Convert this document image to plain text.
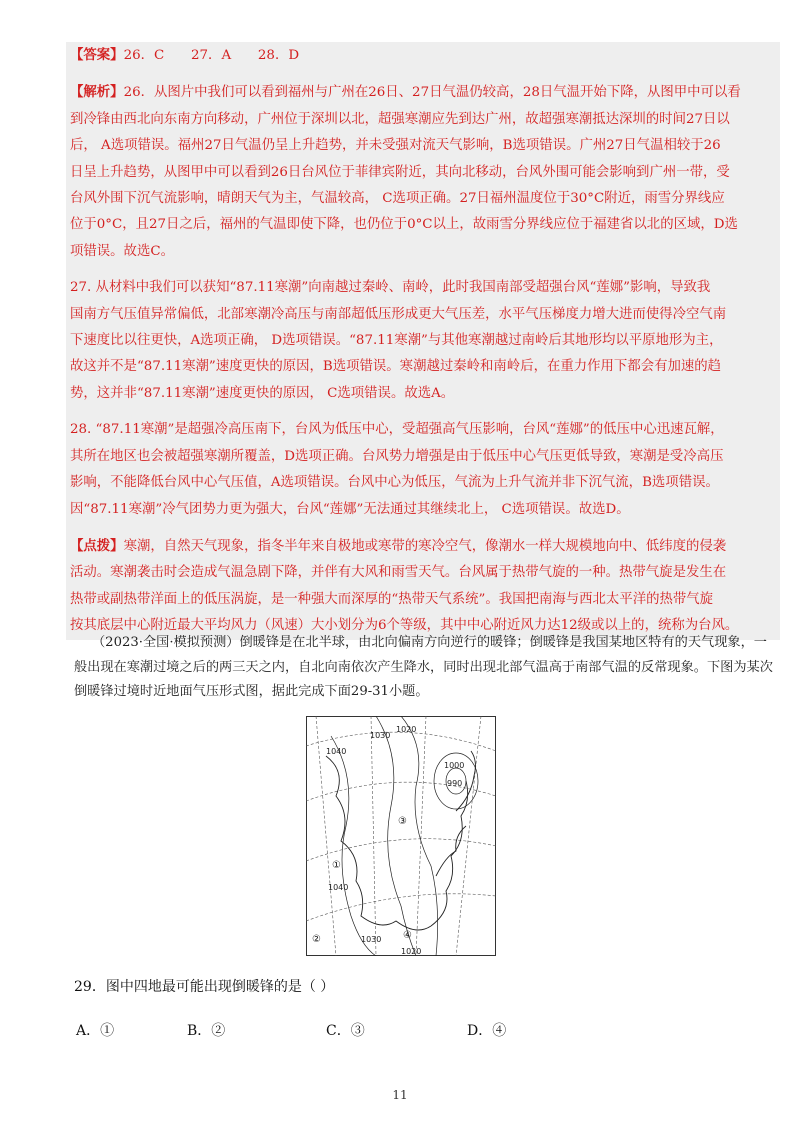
【答案】26．C　　27．A　　28．D

【解析】26．从图片中我们可以看到福州与广州在26日、27日气温仍较高，28日气温开始下降，从图甲中可以看
到冷锋由西北向东南方向移动，广州位于深圳以北，超强寒潮应先到达广州，故超强寒潮抵达深圳的时间27日以
后， A选项错误。福州27日气温仍呈上升趋势，并未受强对流天气影响，B选项错误。广州27日气温相较于26
日呈上升趋势，从图甲中可以看到26日台风位于菲律宾附近，其向北移动，台风外围可能会影响到广州一带，受
台风外围下沉气流影响，晴朗天气为主，气温较高， C选项正确。27日福州温度位于30°C附近，雨雪分界线应
位于0°C，且27日之后，福州的气温即使下降，也仍位于0°C以上，故雨雪分界线应位于福建省以北的区域，D选
项错误。故选C。

27. 从材料中我们可以获知“87.11寒潮”向南越过秦岭、南岭，此时我国南部受超强台风“莲娜”影响，导致我
国南方气压值异常偏低，北部寒潮冷高压与南部超低压形成更大气压差，水平气压梯度力增大进而使得冷空气南
下速度比以往更快，A选项正确， D选项错误。“87.11寒潮”与其他寒潮越过南岭后其地形均以平原地形为主，
故这并不是“87.11寒潮”速度更快的原因，B选项错误。寒潮越过秦岭和南岭后，在重力作用下都会有加速的趋
势，这并非“87.11寒潮”速度更快的原因， C选项错误。故选A。

28. “87.11寒潮”是超强冷高压南下，台风为低压中心，受超强高气压影响，台风“莲娜”的低压中心迅速瓦解，
其所在地区也会被超强寒潮所覆盖，D选项正确。台风势力增强是由于低压中心气压更低导致，寒潮是受冷高压
影响，不能降低台风中心气压值，A选项错误。台风中心为低压，气流为上升气流并非下沉气流，B选项错误。
因“87.11寒潮”冷气团势力更为强大，台风“莲娜”无法通过其继续北上， C选项错误。故选D。

【点拨】寒潮，自然天气现象，指冬半年来自极地或寒带的寒冷空气，像潮水一样大规模地向中、低纬度的侵袭
活动。寒潮袭击时会造成气温急剧下降，并伴有大风和雨雪天气。台风属于热带气旋的一种。热带气旋是发生在
热带或副热带洋面上的低压涡旋，是一种强大而深厚的“热带天气系统”。我国把南海与西北太平洋的热带气旋
按其底层中心附近最大平均风力（风速）大小划分为6个等级，其中中心附近风力达12级或以上的，统称为台风。

（2023·全国·模拟预测）倒暖锋是在北半球，由北向偏南方向逆行的暖锋；倒暖锋是我国某地区特有的天气现象，一般出现在寒潮过境之后的两三天之内，自北向南依次产生降水，同时出现北部气温高于南部气温的反常现象。下图为某次倒暖锋过境时近地面气压形式图，据此完成下面29-31小题。
1040
1030
1020
1000
990
1040
1030
1020
①
②
③
④
29．图中四地最可能出现倒暖锋的是（ ）
A．①	B．②	C．③	D．④
11
